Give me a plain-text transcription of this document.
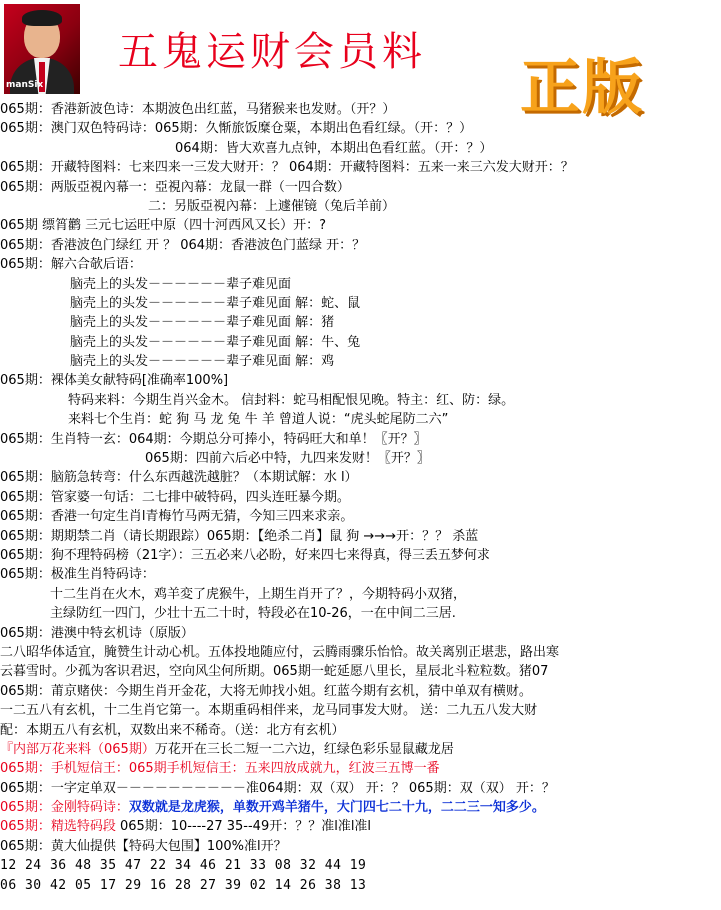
manSix
五鬼运财会员料
正版
065期：香港新波色诗：本期波色出红蓝，马猪猴来也发财。（开？）
065期：澳门双色特码诗：065期：久惭旅饭糜仓粟，本期出色看红绿。（开：？）
064期：皆大欢喜九点钟，本期出色看红蓝。（开：？）
065期：开藏特图料：七来四来一三发大财开：？ 064期：开藏特图料：五来一来三六发大财开：？
065期：两版亞視內幕一：亞視內幕：龙鼠一群（一四合数）
二：另版亞視內幕：上遽催镜（兔后羊前）
065期 缥筲鹳 三元七运旺中原（四十河西风又长）开：?
065期：香港波色门绿红 开 ？ 064期：香港波色门蓝绿 开：？
065期：解六合欹后语：
脑壳上的头发－－－－－－辈子难见面
脑壳上的头发－－－－－－辈子难见面 解：蛇、鼠
脑壳上的头发－－－－－－辈子难见面 解：猪
脑壳上的头发－－－－－－辈子难见面 解：牛、兔
脑壳上的头发－－－－－－辈子难见面 解：鸡
065期：裸体美女献特码[准确率100%]
特码来料：今期生肖兴金木。 信封料：蛇马相配恨见晚。特主：红、防：绿。
来料七个生肖：蛇 狗 马 龙 兔 牛 羊 曾道人说：“虎头蛇尾防二六”
065期：生肖特一玄：064期：今期总分可捧小，特码旺大和单！〖开？〗
065期：四前六后必中特，九四来发财！〖开？〗
065期：脑筋急转弯：什么东西越洗越脏？（本期试解：水 l）
065期：管家婆一句话：二七排中破特码，四头连旺暴今期。
065期：香港一句定生肖l青梅竹马两无猜，今知三四来求亲。
065期：期期禁二肖（请长期跟踪）065期：【绝杀二肖】鼠 狗 →→→开：？？ 杀蓝
065期：狗不理特码榜（21字）：三五必来八必盼，好来四七来得真，得三丢五梦何求
065期：极准生肖特码诗：
十二生肖在火木，鸡羊変了虎猴牛，上期生肖开了？，今期特码小双猪，
主绿防红一四门，少壮十五二十时，特段必在10-26，一在中间二三居.
065期：港澳中特玄机诗（原版）
二八昭华体适宜，腌赞生计动心机。五体投地随应付，云腾雨骤乐怡恰。故关离别正堪悲，路出寒
云暮雪时。少孤为客识君迟，空向风尘何所期。065期一蛇延愿八里长，星辰北斗粒粒数。猪07
065期：莆京赌侠：今期生肖开金花，大将无帅找小姐。红蓝今期有玄机，猜中单双有横财。
一二五八有玄机，十二生肖它第一。本期重码相伴来，龙马同事发大财。 送：二九五八发大财
配：本期五八有玄机，双数出来不稀奇。（送：北方有玄机）
『内部万花来料（065期）万花开在三长二短一二六边，红绿色彩乐显鼠藏龙居
065期：手机短信王：065期手机短信王：五来四放成就九，红波三五博一番
065期：一字定单双－－－－－－－－－－准064期：双（双） 开：？ 065期：双（双） 开：？
065期：金刚特码诗：双数就是龙虎猴，单数开鸡羊猪牛，大门四七二十九，二二三一知多少。
065期：精选特码段 065期：10----27 35--49开：？？准l准l准l
065期：黄大仙提供【特码大包围】100%准l开？
12 24 36 48 35 47 22 34 46 21 33 08 32 44 19
06 30 42 05 17 29 16 28 27 39 02 14 26 38 13
